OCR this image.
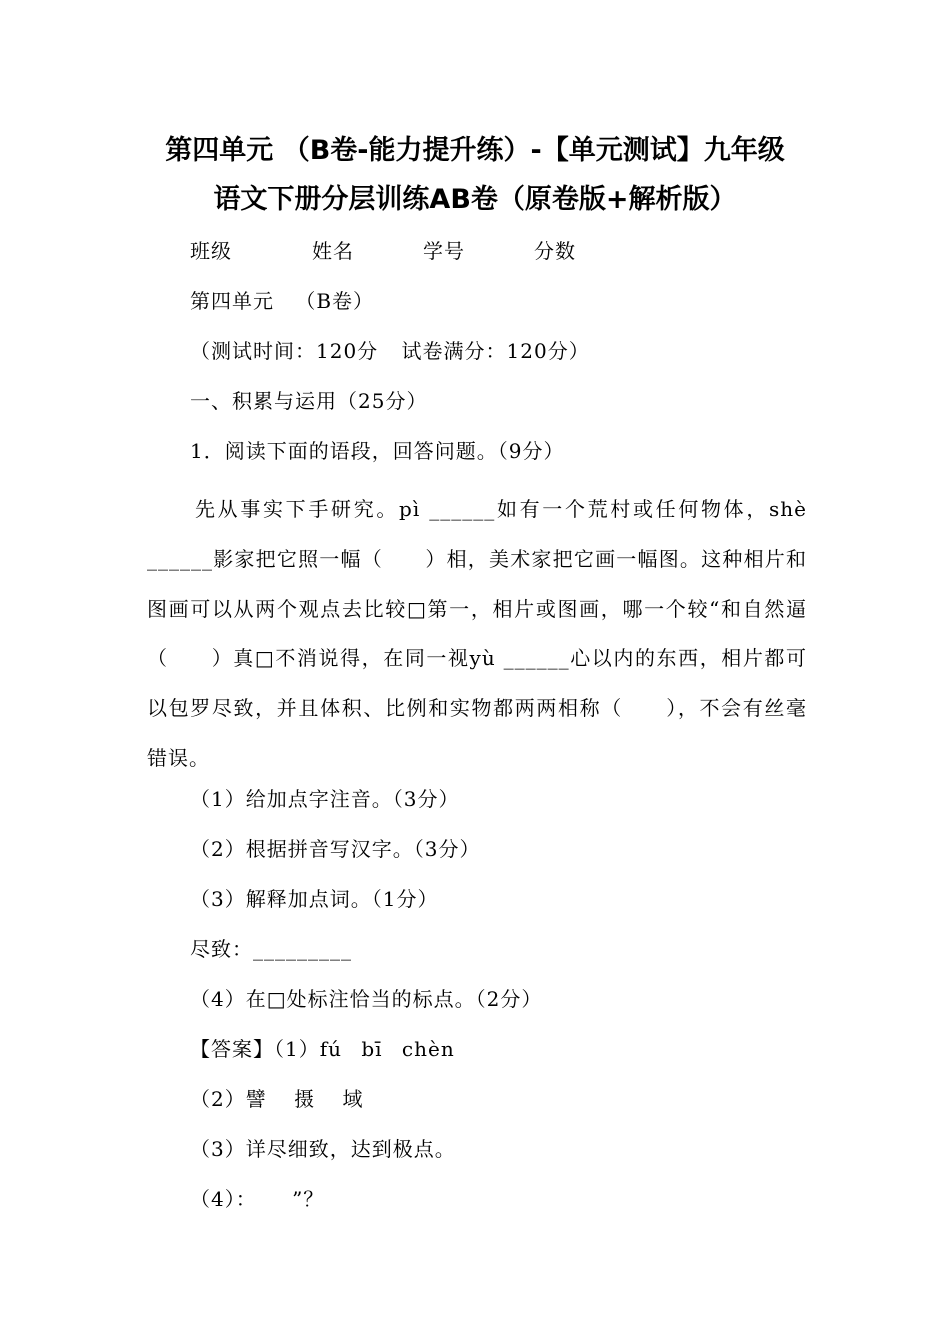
第四单元 （B卷-能力提升练）-【单元测试】九年级
语文下册分层训练AB卷（原卷版+解析版）
班级	姓名	学号	分数
第四单元 （B卷）
（测试时间：120分 试卷满分：120分）
一、积累与运用（25分）
1．阅读下面的语段，回答问题。（9分）
先从事实下手研究。pì ______如有一个荒村或任何物体，shè ______影家把它照一幅（　　）相，美术家把它画一幅图。这种相片和图画可以从两个观点去比较□第一，相片或图画，哪一个较“和自然逼（　　）真□不消说得，在同一视yù ______心以内的东西，相片都可以包罗尽致，并且体积、比例和实物都两两相称（　　），不会有丝毫错误。
（1）给加点字注音。（3分）
（2）根据拼音写汉字。（3分）
（3）解释加点词。（1分）
尽致：_________
（4）在□处标注恰当的标点。（2分）
【答案】（1）fú bī chèn
（2）譬 摄 域
（3）详尽细致，达到极点。
（4）： ”？
